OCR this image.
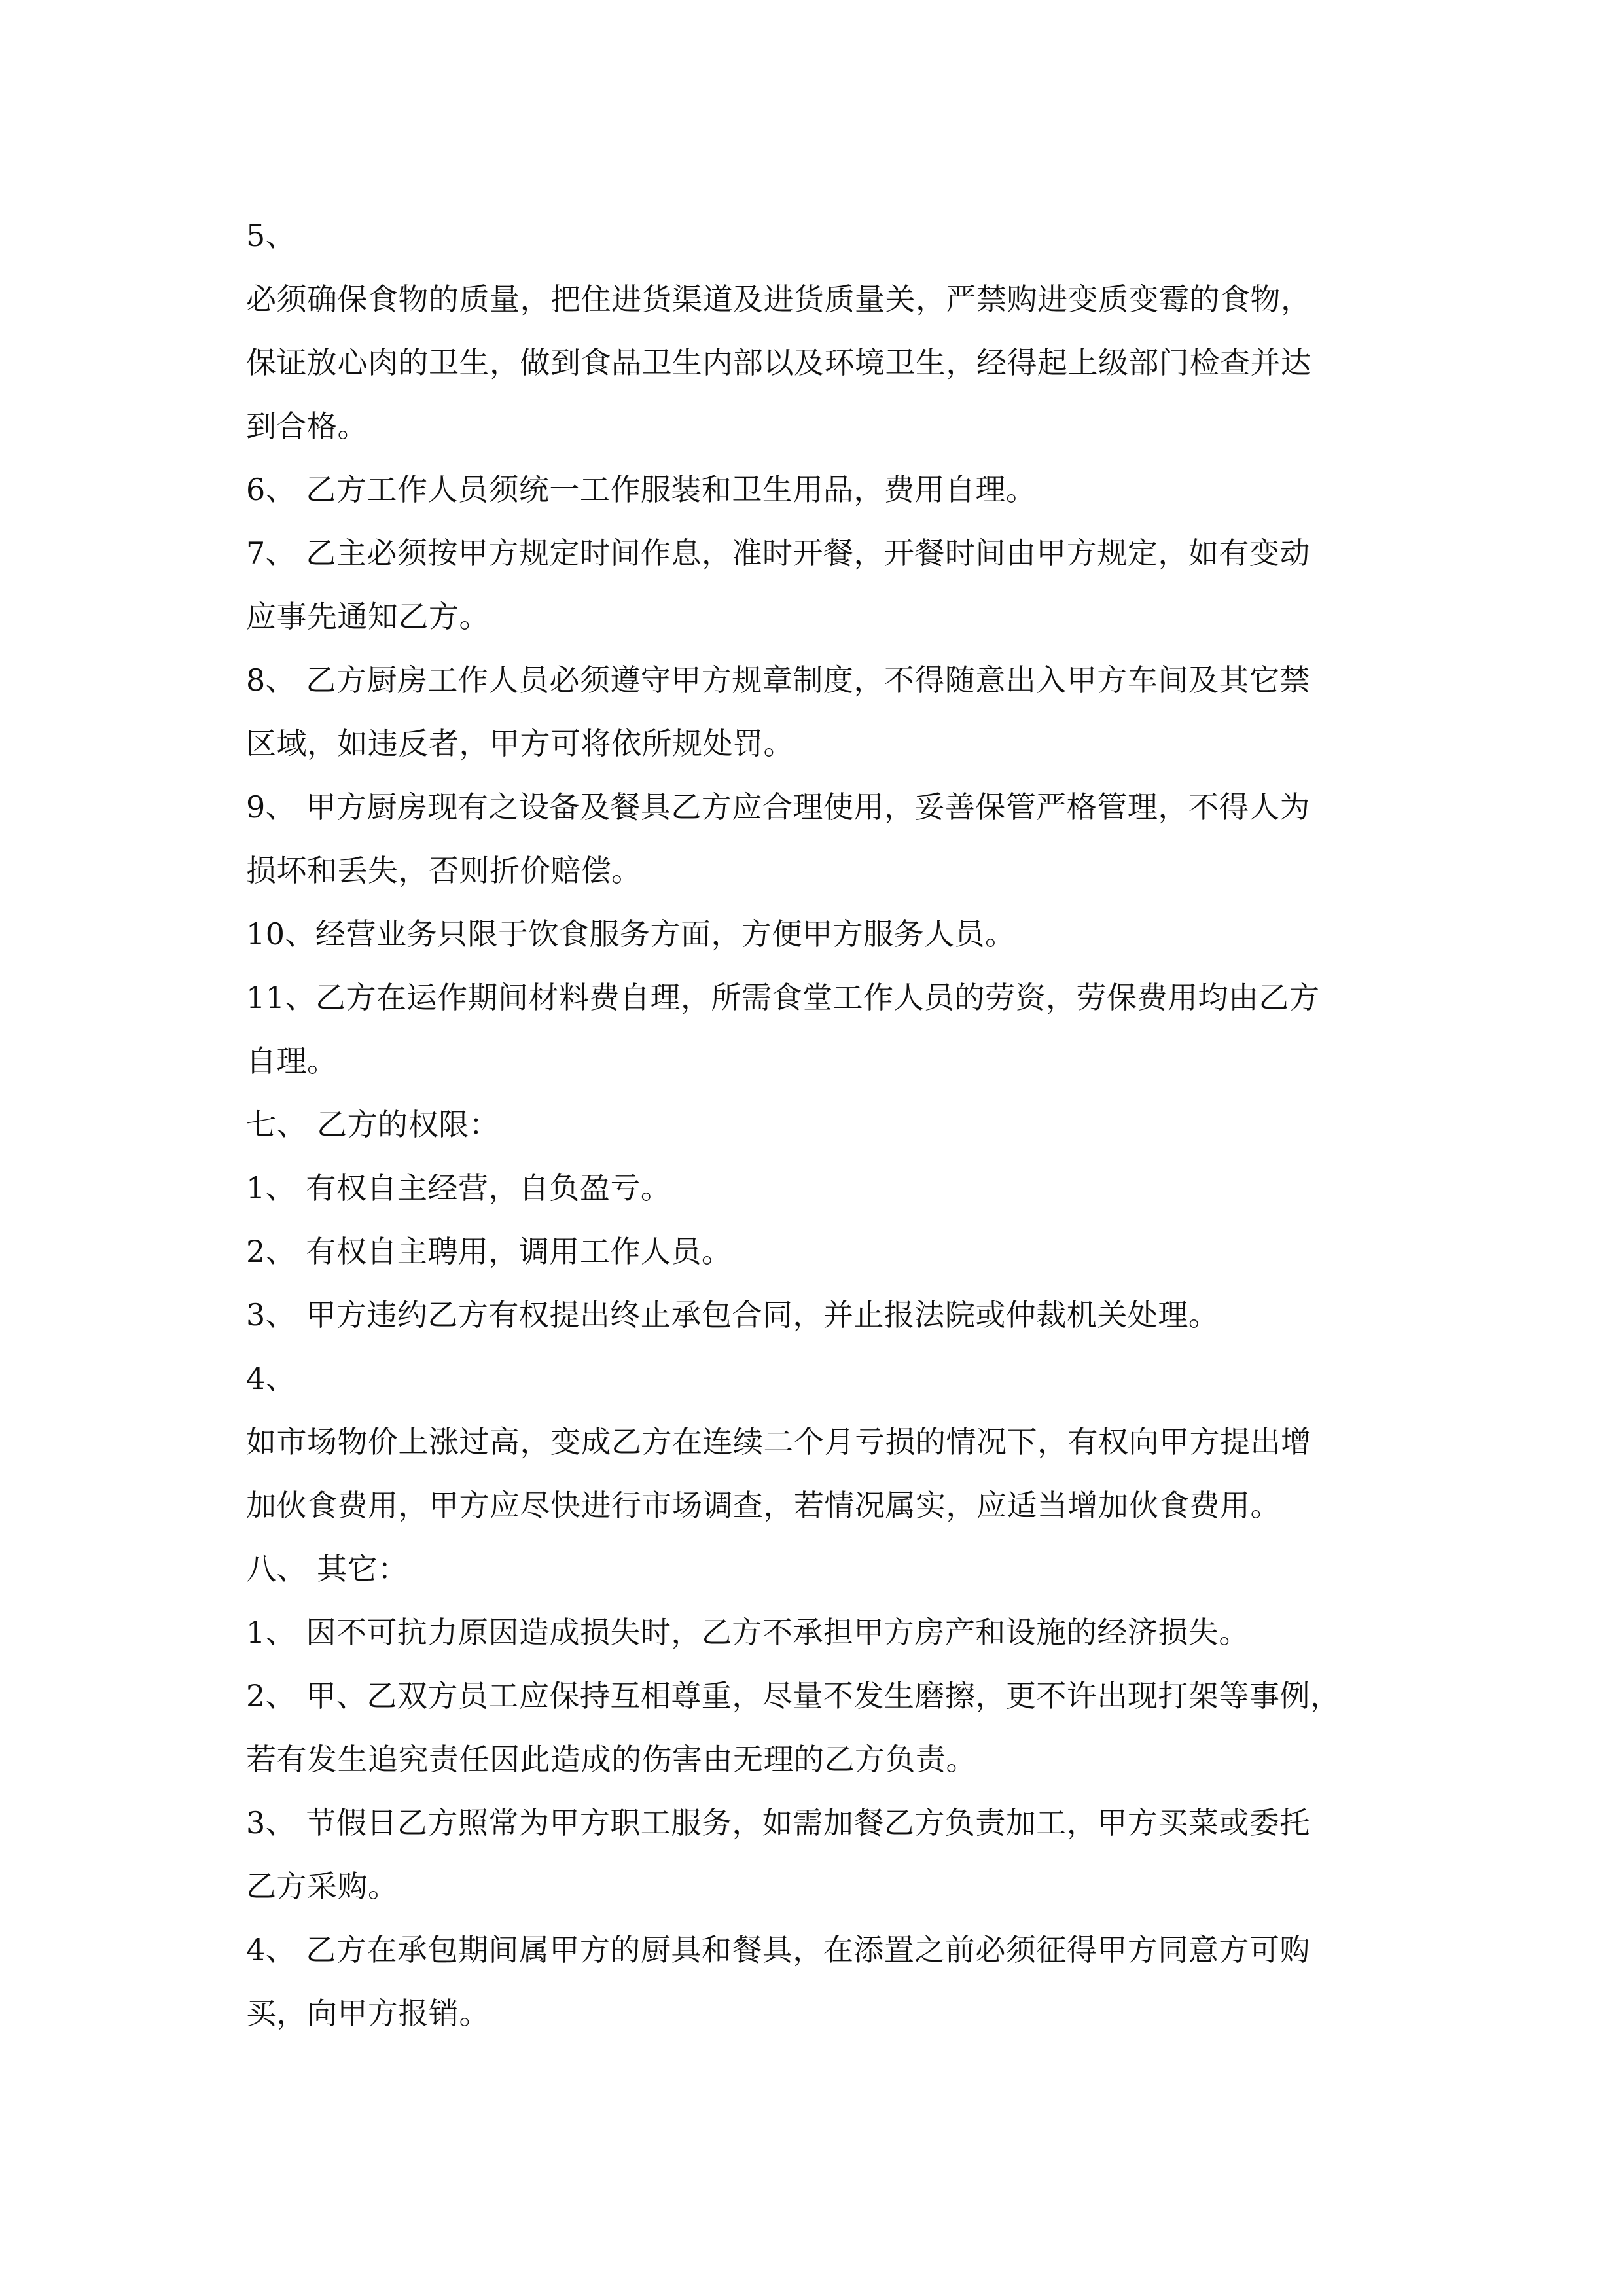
5、
必须确保食物的质量，把住进货渠道及进货质量关，严禁购进变质变霉的食物，
保证放心肉的卫生，做到食品卫生内部以及环境卫生，经得起上级部门检查并达
到合格。
6、 乙方工作人员须统一工作服装和卫生用品，费用自理。
7、 乙主必须按甲方规定时间作息，准时开餐，开餐时间由甲方规定，如有变动
应事先通知乙方。
8、 乙方厨房工作人员必须遵守甲方规章制度，不得随意出入甲方车间及其它禁
区域，如违反者，甲方可将依所规处罚。
9、 甲方厨房现有之设备及餐具乙方应合理使用，妥善保管严格管理，不得人为
损坏和丢失，否则折价赔偿。
10、经营业务只限于饮食服务方面，方便甲方服务人员。
11、乙方在运作期间材料费自理，所需食堂工作人员的劳资，劳保费用均由乙方
自理。
七、 乙方的权限：
1、 有权自主经营，自负盈亏。
2、 有权自主聘用，调用工作人员。
3、 甲方违约乙方有权提出终止承包合同，并止报法院或仲裁机关处理。
4、
如市场物价上涨过高，变成乙方在连续二个月亏损的情况下，有权向甲方提出增
加伙食费用，甲方应尽快进行市场调查，若情况属实，应适当增加伙食费用。
八、 其它：
1、 因不可抗力原因造成损失时，乙方不承担甲方房产和设施的经济损失。
2、 甲、乙双方员工应保持互相尊重，尽量不发生磨擦，更不许出现打架等事例，
若有发生追究责任因此造成的伤害由无理的乙方负责。
3、 节假日乙方照常为甲方职工服务，如需加餐乙方负责加工，甲方买菜或委托
乙方采购。
4、 乙方在承包期间属甲方的厨具和餐具，在添置之前必须征得甲方同意方可购
买，向甲方报销。
